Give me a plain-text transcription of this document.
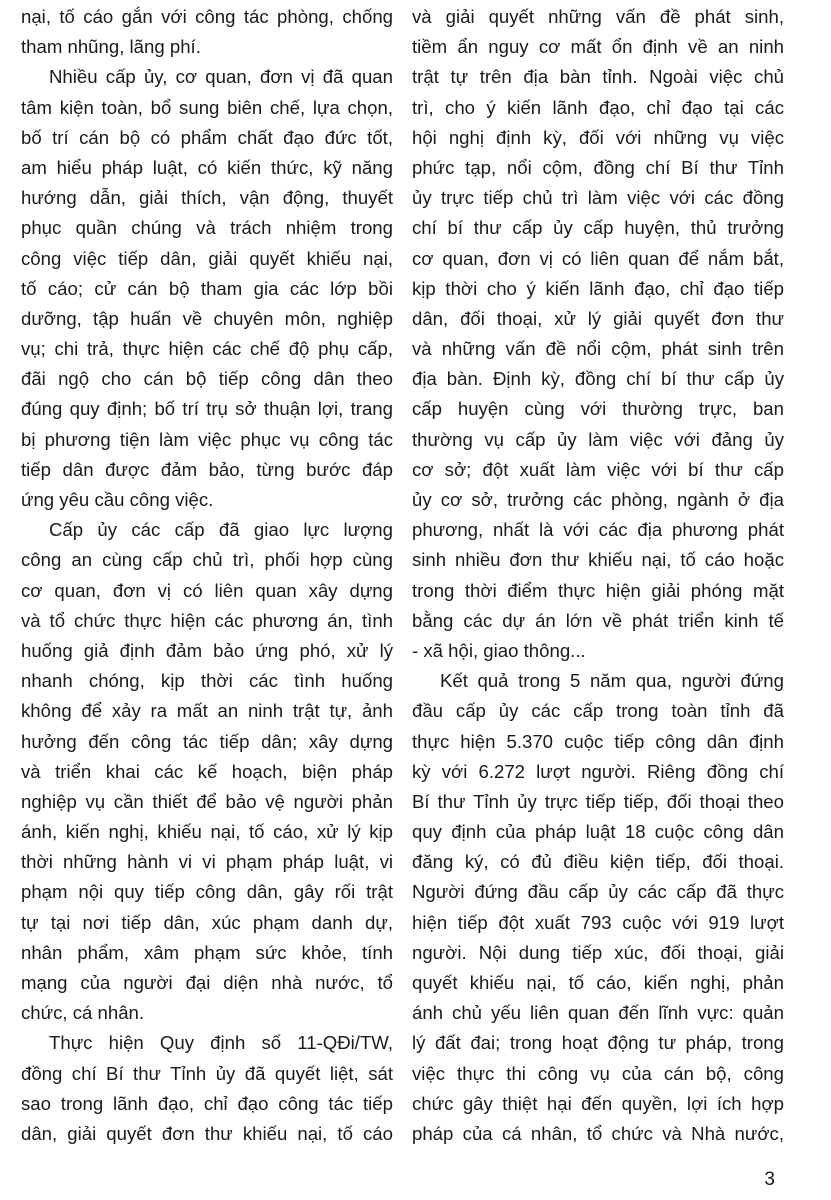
nại, tố cáo gắn với công tác phòng, chống
tham nhũng, lãng phí.
Nhiều cấp ủy, cơ quan, đơn vị đã quan
tâm kiện toàn, bổ sung biên chế, lựa chọn,
bố trí cán bộ có phẩm chất đạo đức tốt,
am hiểu pháp luật, có kiến thức, kỹ năng
hướng dẫn, giải thích, vận động, thuyết
phục quần chúng và trách nhiệm trong
công việc tiếp dân, giải quyết khiếu nại,
tố cáo; cử cán bộ tham gia các lớp bồi
dưỡng, tập huấn về chuyên môn, nghiệp
vụ; chi trả, thực hiện các chế độ phụ cấp,
đãi ngộ cho cán bộ tiếp công dân theo
đúng quy định; bố trí trụ sở thuận lợi, trang
bị phương tiện làm việc phục vụ công tác
tiếp dân được đảm bảo, từng bước đáp
ứng yêu cầu công việc.
Cấp ủy các cấp đã giao lực lượng
công an cùng cấp chủ trì, phối hợp cùng
cơ quan, đơn vị có liên quan xây dựng
và tổ chức thực hiện các phương án, tình
huống giả định đảm bảo ứng phó, xử lý
nhanh chóng, kịp thời các tình huống
không để xảy ra mất an ninh trật tự, ảnh
hưởng đến công tác tiếp dân; xây dựng
và triển khai các kế hoạch, biện pháp
nghiệp vụ cần thiết để bảo vệ người phản
ánh, kiến nghị, khiếu nại, tố cáo, xử lý kịp
thời những hành vi vi phạm pháp luật, vi
phạm nội quy tiếp công dân, gây rối trật
tự tại nơi tiếp dân, xúc phạm danh dự,
nhân phẩm, xâm phạm sức khỏe, tính
mạng của người đại diện nhà nước, tổ
chức, cá nhân.
Thực hiện Quy định số 11-QĐi/TW,
đồng chí Bí thư Tỉnh ủy đã quyết liệt, sát
sao trong lãnh đạo, chỉ đạo công tác tiếp
dân, giải quyết đơn thư khiếu nại, tố cáo
và giải quyết những vấn đề phát sinh,
tiềm ẩn nguy cơ mất ổn định về an ninh
trật tự trên địa bàn tỉnh. Ngoài việc chủ
trì, cho ý kiến lãnh đạo, chỉ đạo tại các
hội nghị định kỳ, đối với những vụ việc
phức tạp, nổi cộm, đồng chí Bí thư Tỉnh
ủy trực tiếp chủ trì làm việc với các đồng
chí bí thư cấp ủy cấp huyện, thủ trưởng
cơ quan, đơn vị có liên quan để nắm bắt,
kịp thời cho ý kiến lãnh đạo, chỉ đạo tiếp
dân, đối thoại, xử lý giải quyết đơn thư
và những vấn đề nổi cộm, phát sinh trên
địa bàn. Định kỳ, đồng chí bí thư cấp ủy
cấp huyện cùng với thường trực, ban
thường vụ cấp ủy làm việc với đảng ủy
cơ sở; đột xuất làm việc với bí thư cấp
ủy cơ sở, trưởng các phòng, ngành ở địa
phương, nhất là với các địa phương phát
sinh nhiều đơn thư khiếu nại, tố cáo hoặc
trong thời điểm thực hiện giải phóng mặt
bằng các dự án lớn về phát triển kinh tế
- xã hội, giao thông...
Kết quả trong 5 năm qua, người đứng
đầu cấp ủy các cấp trong toàn tỉnh đã
thực hiện 5.370 cuộc tiếp công dân định
kỳ với 6.272 lượt người. Riêng đồng chí
Bí thư Tỉnh ủy trực tiếp tiếp, đối thoại theo
quy định của pháp luật 18 cuộc công dân
đăng ký, có đủ điều kiện tiếp, đối thoại.
Người đứng đầu cấp ủy các cấp đã thực
hiện tiếp đột xuất 793 cuộc với 919 lượt
người. Nội dung tiếp xúc, đối thoại, giải
quyết khiếu nại, tố cáo, kiến nghị, phản
ánh chủ yếu liên quan đến lĩnh vực: quản
lý đất đai; trong hoạt động tư pháp, trong
việc thực thi công vụ của cán bộ, công
chức gây thiệt hại đến quyền, lợi ích hợp
pháp của cá nhân, tổ chức và Nhà nước,
3
